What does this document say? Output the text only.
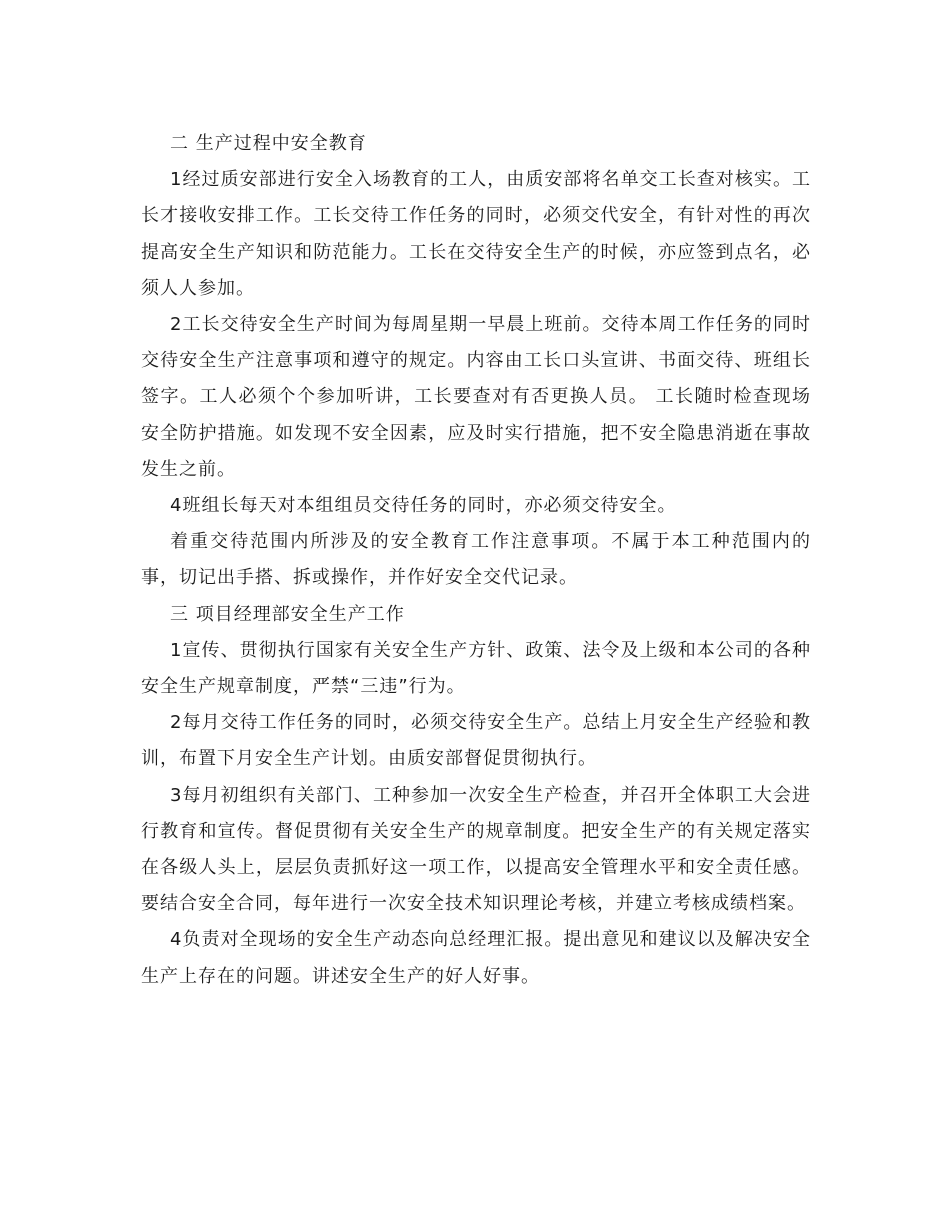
二 生产过程中安全教育

1经过质安部进行安全入场教育的工人，由质安部将名单交工长查对核实。工长才接收安排工作。工长交待工作任务的同时，必须交代安全，有针对性的再次提高安全生产知识和防范能力。工长在交待安全生产的时候，亦应签到点名，必须人人参加。

2工长交待安全生产时间为每周星期一早晨上班前。交待本周工作任务的同时交待安全生产注意事项和遵守的规定。内容由工长口头宣讲、书面交待、班组长签字。工人必须个个参加听讲，工长要查对有否更换人员。 工长随时检查现场安全防护措施。如发现不安全因素，应及时实行措施，把不安全隐患消逝在事故发生之前。

4班组长每天对本组组员交待任务的同时，亦必须交待安全。

着重交待范围内所涉及的安全教育工作注意事项。不属于本工种范围内的事，切记出手搭、拆或操作，并作好安全交代记录。

三 项目经理部安全生产工作

1宣传、贯彻执行国家有关安全生产方针、政策、法令及上级和本公司的各种安全生产规章制度，严禁“三违”行为。

2每月交待工作任务的同时，必须交待安全生产。总结上月安全生产经验和教训，布置下月安全生产计划。由质安部督促贯彻执行。

3每月初组织有关部门、工种参加一次安全生产检查，并召开全体职工大会进行教育和宣传。督促贯彻有关安全生产的规章制度。把安全生产的有关规定落实在各级人头上，层层负责抓好这一项工作，以提高安全管理水平和安全责任感。要结合安全合同，每年进行一次安全技术知识理论考核，并建立考核成绩档案。

4负责对全现场的安全生产动态向总经理汇报。提出意见和建议以及解决安全生产上存在的问题。讲述安全生产的好人好事。
